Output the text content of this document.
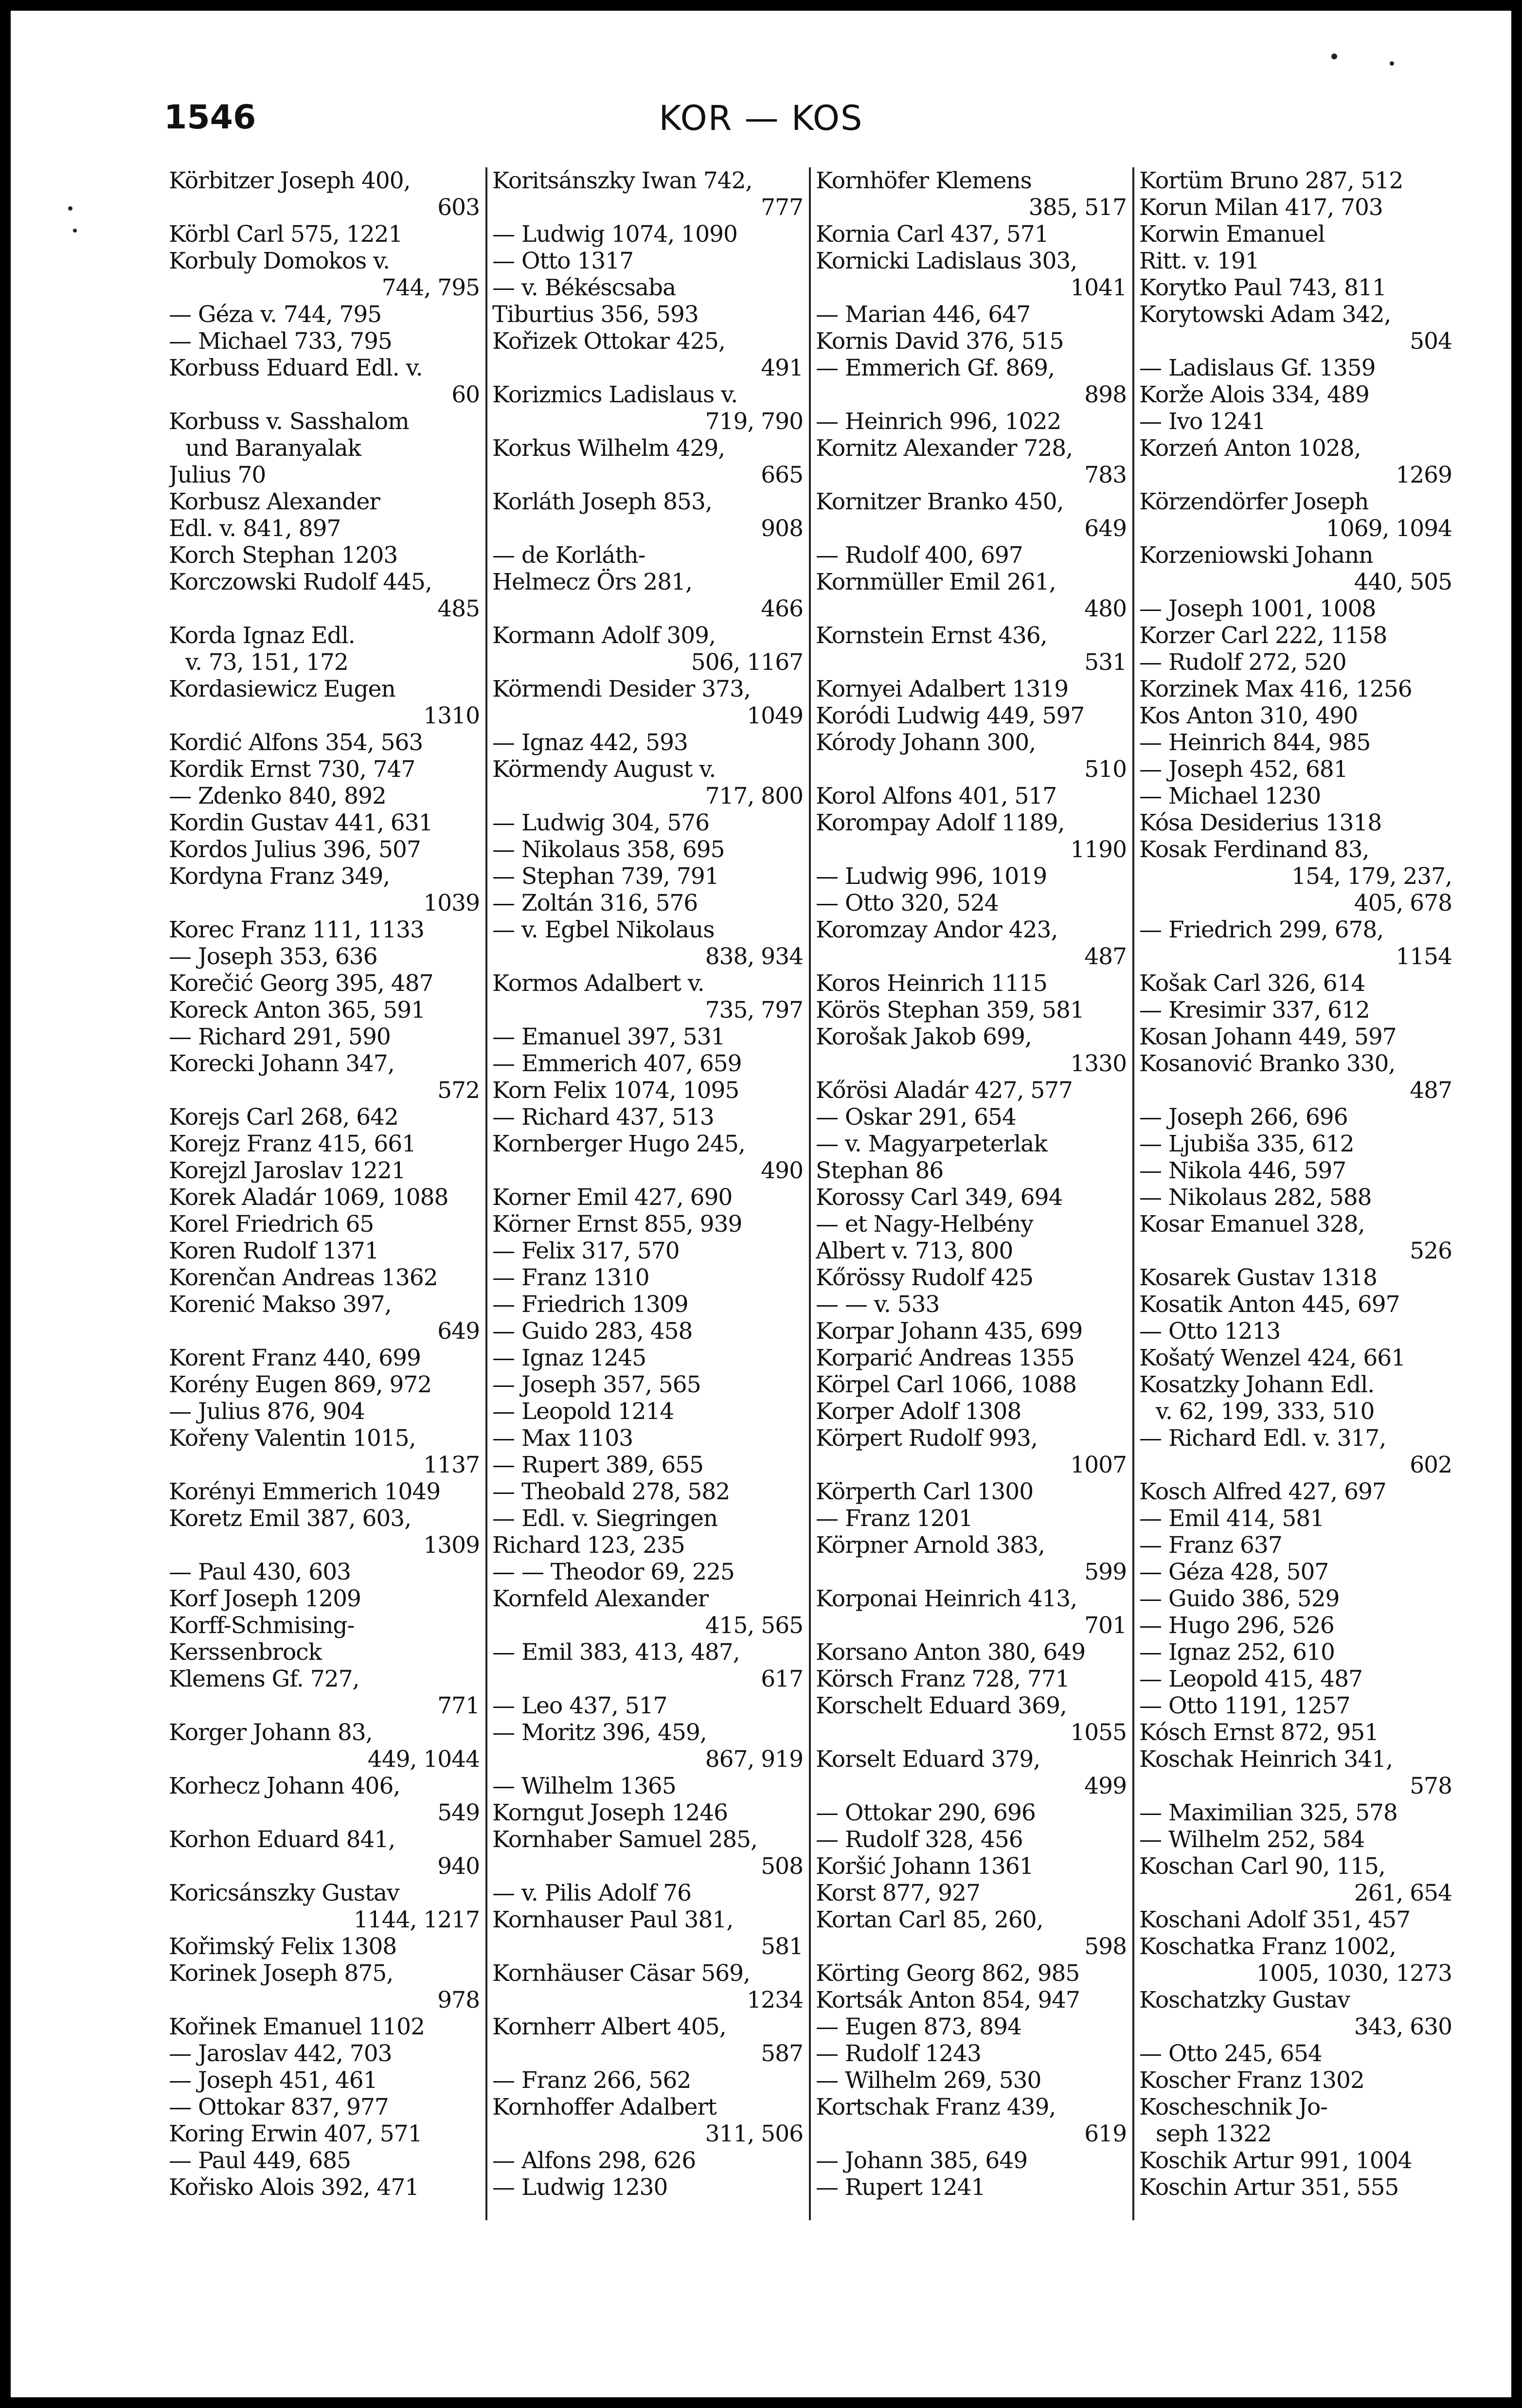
1546	KOR — KOS
Körbitzer Joseph 400,
603
Körbl Carl 575, 1221
Korbuly Domokos v.
744, 795
— Géza v. 744, 795
— Michael 733, 795
Korbuss Eduard Edl. v.
60
Korbuss v. Sasshalom
und Baranyalak
Julius 70
Korbusz Alexander
Edl. v. 841, 897
Korch Stephan 1203
Korczowski Rudolf 445,
485
Korda Ignaz Edl.
v. 73, 151, 172
Kordasiewicz Eugen
1310
Kordić Alfons 354, 563
Kordik Ernst 730, 747
— Zdenko 840, 892
Kordin Gustav 441, 631
Kordos Julius 396, 507
Kordyna Franz 349,
1039
Korec Franz 111, 1133
— Joseph 353, 636
Korečić Georg 395, 487
Koreck Anton 365, 591
— Richard 291, 590
Korecki Johann 347,
572
Korejs Carl 268, 642
Korejz Franz 415, 661
Korejzl Jaroslav 1221
Korek Aladár 1069, 1088
Korel Friedrich 65
Koren Rudolf 1371
Korenčan Andreas 1362
Korenić Makso 397,
649
Korent Franz 440, 699
Korény Eugen 869, 972
— Julius 876, 904
Kořeny Valentin 1015,
1137
Korényi Emmerich 1049
Koretz Emil 387, 603,
1309
— Paul 430, 603
Korf Joseph 1209
Korff-Schmising-
Kerssenbrock
Klemens Gf. 727,
771
Korger Johann 83,
449, 1044
Korhecz Johann 406,
549
Korhon Eduard 841,
940
Koricsánszky Gustav
1144, 1217
Kořimský Felix 1308
Korinek Joseph 875,
978
Kořinek Emanuel 1102
— Jaroslav 442, 703
— Joseph 451, 461
— Ottokar 837, 977
Koring Erwin 407, 571
— Paul 449, 685
Kořisko Alois 392, 471
Koritsánszky Iwan 742,
777
— Ludwig 1074, 1090
— Otto 1317
— v. Békéscsaba
Tiburtius 356, 593
Kořizek Ottokar 425,
491
Korizmics Ladislaus v.
719, 790
Korkus Wilhelm 429,
665
Korláth Joseph 853,
908
— de Korláth-
Helmecz Örs 281,
466
Kormann Adolf 309,
506, 1167
Körmendi Desider 373,
1049
— Ignaz 442, 593
Körmendy August v.
717, 800
— Ludwig 304, 576
— Nikolaus 358, 695
— Stephan 739, 791
— Zoltán 316, 576
— v. Egbel Nikolaus
838, 934
Kormos Adalbert v.
735, 797
— Emanuel 397, 531
— Emmerich 407, 659
Korn Felix 1074, 1095
— Richard 437, 513
Kornberger Hugo 245,
490
Korner Emil 427, 690
Körner Ernst 855, 939
— Felix 317, 570
— Franz 1310
— Friedrich 1309
— Guido 283, 458
— Ignaz 1245
— Joseph 357, 565
— Leopold 1214
— Max 1103
— Rupert 389, 655
— Theobald 278, 582
— Edl. v. Siegringen
Richard 123, 235
— — Theodor 69, 225
Kornfeld Alexander
415, 565
— Emil 383, 413, 487,
617
— Leo 437, 517
— Moritz 396, 459,
867, 919
— Wilhelm 1365
Korngut Joseph 1246
Kornhaber Samuel 285,
508
— v. Pilis Adolf 76
Kornhauser Paul 381,
581
Kornhäuser Cäsar 569,
1234
Kornherr Albert 405,
587
— Franz 266, 562
Kornhoffer Adalbert
311, 506
— Alfons 298, 626
— Ludwig 1230
Kornhöfer Klemens
385, 517
Kornia Carl 437, 571
Kornicki Ladislaus 303,
1041
— Marian 446, 647
Kornis David 376, 515
— Emmerich Gf. 869,
898
— Heinrich 996, 1022
Kornitz Alexander 728,
783
Kornitzer Branko 450,
649
— Rudolf 400, 697
Kornmüller Emil 261,
480
Kornstein Ernst 436,
531
Kornyei Adalbert 1319
Koródi Ludwig 449, 597
Kórody Johann 300,
510
Korol Alfons 401, 517
Korompay Adolf 1189,
1190
— Ludwig 996, 1019
— Otto 320, 524
Koromzay Andor 423,
487
Koros Heinrich 1115
Körös Stephan 359, 581
Korošak Jakob 699,
1330
Kőrösi Aladár 427, 577
— Oskar 291, 654
— v. Magyarpeterlak
Stephan 86
Korossy Carl 349, 694
— et Nagy-Helbény
Albert v. 713, 800
Kőrössy Rudolf 425
— — v. 533
Korpar Johann 435, 699
Korparić Andreas 1355
Körpel Carl 1066, 1088
Korper Adolf 1308
Körpert Rudolf 993,
1007
Körperth Carl 1300
— Franz 1201
Körpner Arnold 383,
599
Korponai Heinrich 413,
701
Korsano Anton 380, 649
Körsch Franz 728, 771
Korschelt Eduard 369,
1055
Korselt Eduard 379,
499
— Ottokar 290, 696
— Rudolf 328, 456
Koršić Johann 1361
Korst 877, 927
Kortan Carl 85, 260,
598
Körting Georg 862, 985
Kortsák Anton 854, 947
— Eugen 873, 894
— Rudolf 1243
— Wilhelm 269, 530
Kortschak Franz 439,
619
— Johann 385, 649
— Rupert 1241
Kortüm Bruno 287, 512
Korun Milan 417, 703
Korwin Emanuel
Ritt. v. 191
Korytko Paul 743, 811
Korytowski Adam 342,
504
— Ladislaus Gf. 1359
Korže Alois 334, 489
— Ivo 1241
Korzeń Anton 1028,
1269
Körzendörfer Joseph
1069, 1094
Korzeniowski Johann
440, 505
— Joseph 1001, 1008
Korzer Carl 222, 1158
— Rudolf 272, 520
Korzinek Max 416, 1256
Kos Anton 310, 490
— Heinrich 844, 985
— Joseph 452, 681
— Michael 1230
Kósa Desiderius 1318
Kosak Ferdinand 83,
154, 179, 237,
405, 678
— Friedrich 299, 678,
1154
Košak Carl 326, 614
— Kresimir 337, 612
Kosan Johann 449, 597
Kosanović Branko 330,
487
— Joseph 266, 696
— Ljubiša 335, 612
— Nikola 446, 597
— Nikolaus 282, 588
Kosar Emanuel 328,
526
Kosarek Gustav 1318
Kosatik Anton 445, 697
— Otto 1213
Košatý Wenzel 424, 661
Kosatzky Johann Edl.
v. 62, 199, 333, 510
— Richard Edl. v. 317,
602
Kosch Alfred 427, 697
— Emil 414, 581
— Franz 637
— Géza 428, 507
— Guido 386, 529
— Hugo 296, 526
— Ignaz 252, 610
— Leopold 415, 487
— Otto 1191, 1257
Kósch Ernst 872, 951
Koschak Heinrich 341,
578
— Maximilian 325, 578
— Wilhelm 252, 584
Koschan Carl 90, 115,
261, 654
Koschani Adolf 351, 457
Koschatka Franz 1002,
1005, 1030, 1273
Koschatzky Gustav
343, 630
— Otto 245, 654
Koscher Franz 1302
Koscheschnik Jo-
seph 1322
Koschik Artur 991, 1004
Koschin Artur 351, 555
